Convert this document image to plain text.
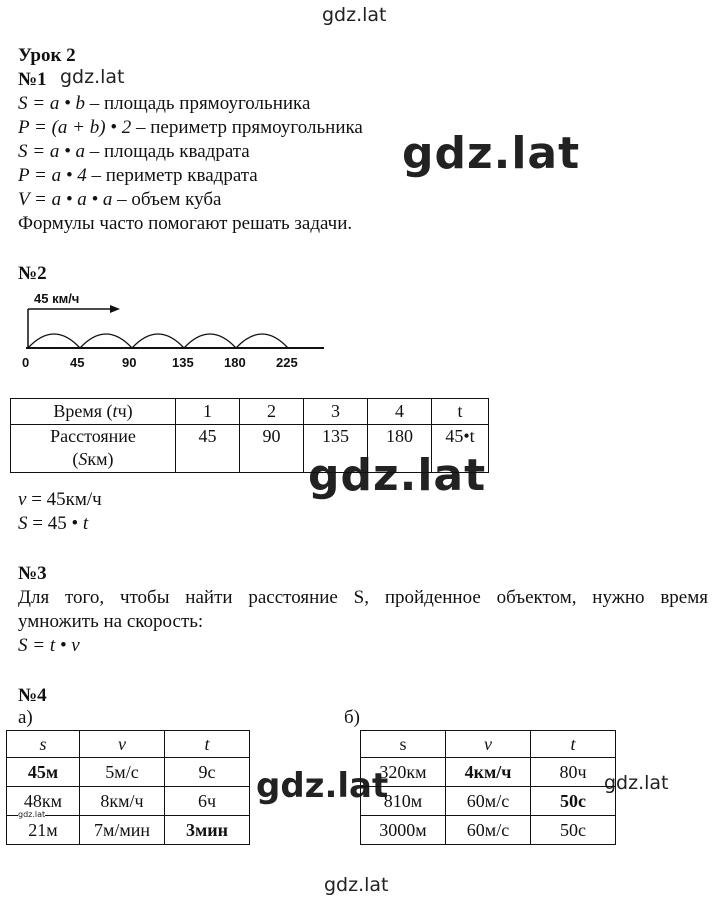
gdz.lat
gdz.lat
gdz.lat
gdz.lat	gdz.lat
gdz.lat
Урок 2
№1 gdz.lat
S = a • b – площадь прямоугольника
P = (a + b) • 2 – периметр прямоугольника
S = a • a – площадь квадрата
P = a • 4 – периметр квадрата
V = a • a • a – объем куба
Формулы часто помогают решать задачи.
№2
45 км/ч
0	45	90	135 180 225
Время (tч)	1	2	3	4	t
Расстояние
(Sкм)	45	90	135	180	45•t
v = 45км/ч
S = 45 • t
№3
Для того, чтобы найти расстояние S, пройденное объектом, нужно время
умножить на скорость:
S = t • v
№4
а)	б)
s	v	t
45м	5м/с	9с
48км	8км/ч	6ч
21м	7м/мин	3мин
gdz.lat
s	v	t
320км	4км/ч	80ч
810м	60м/с	50с
3000м	60м/с	50с
